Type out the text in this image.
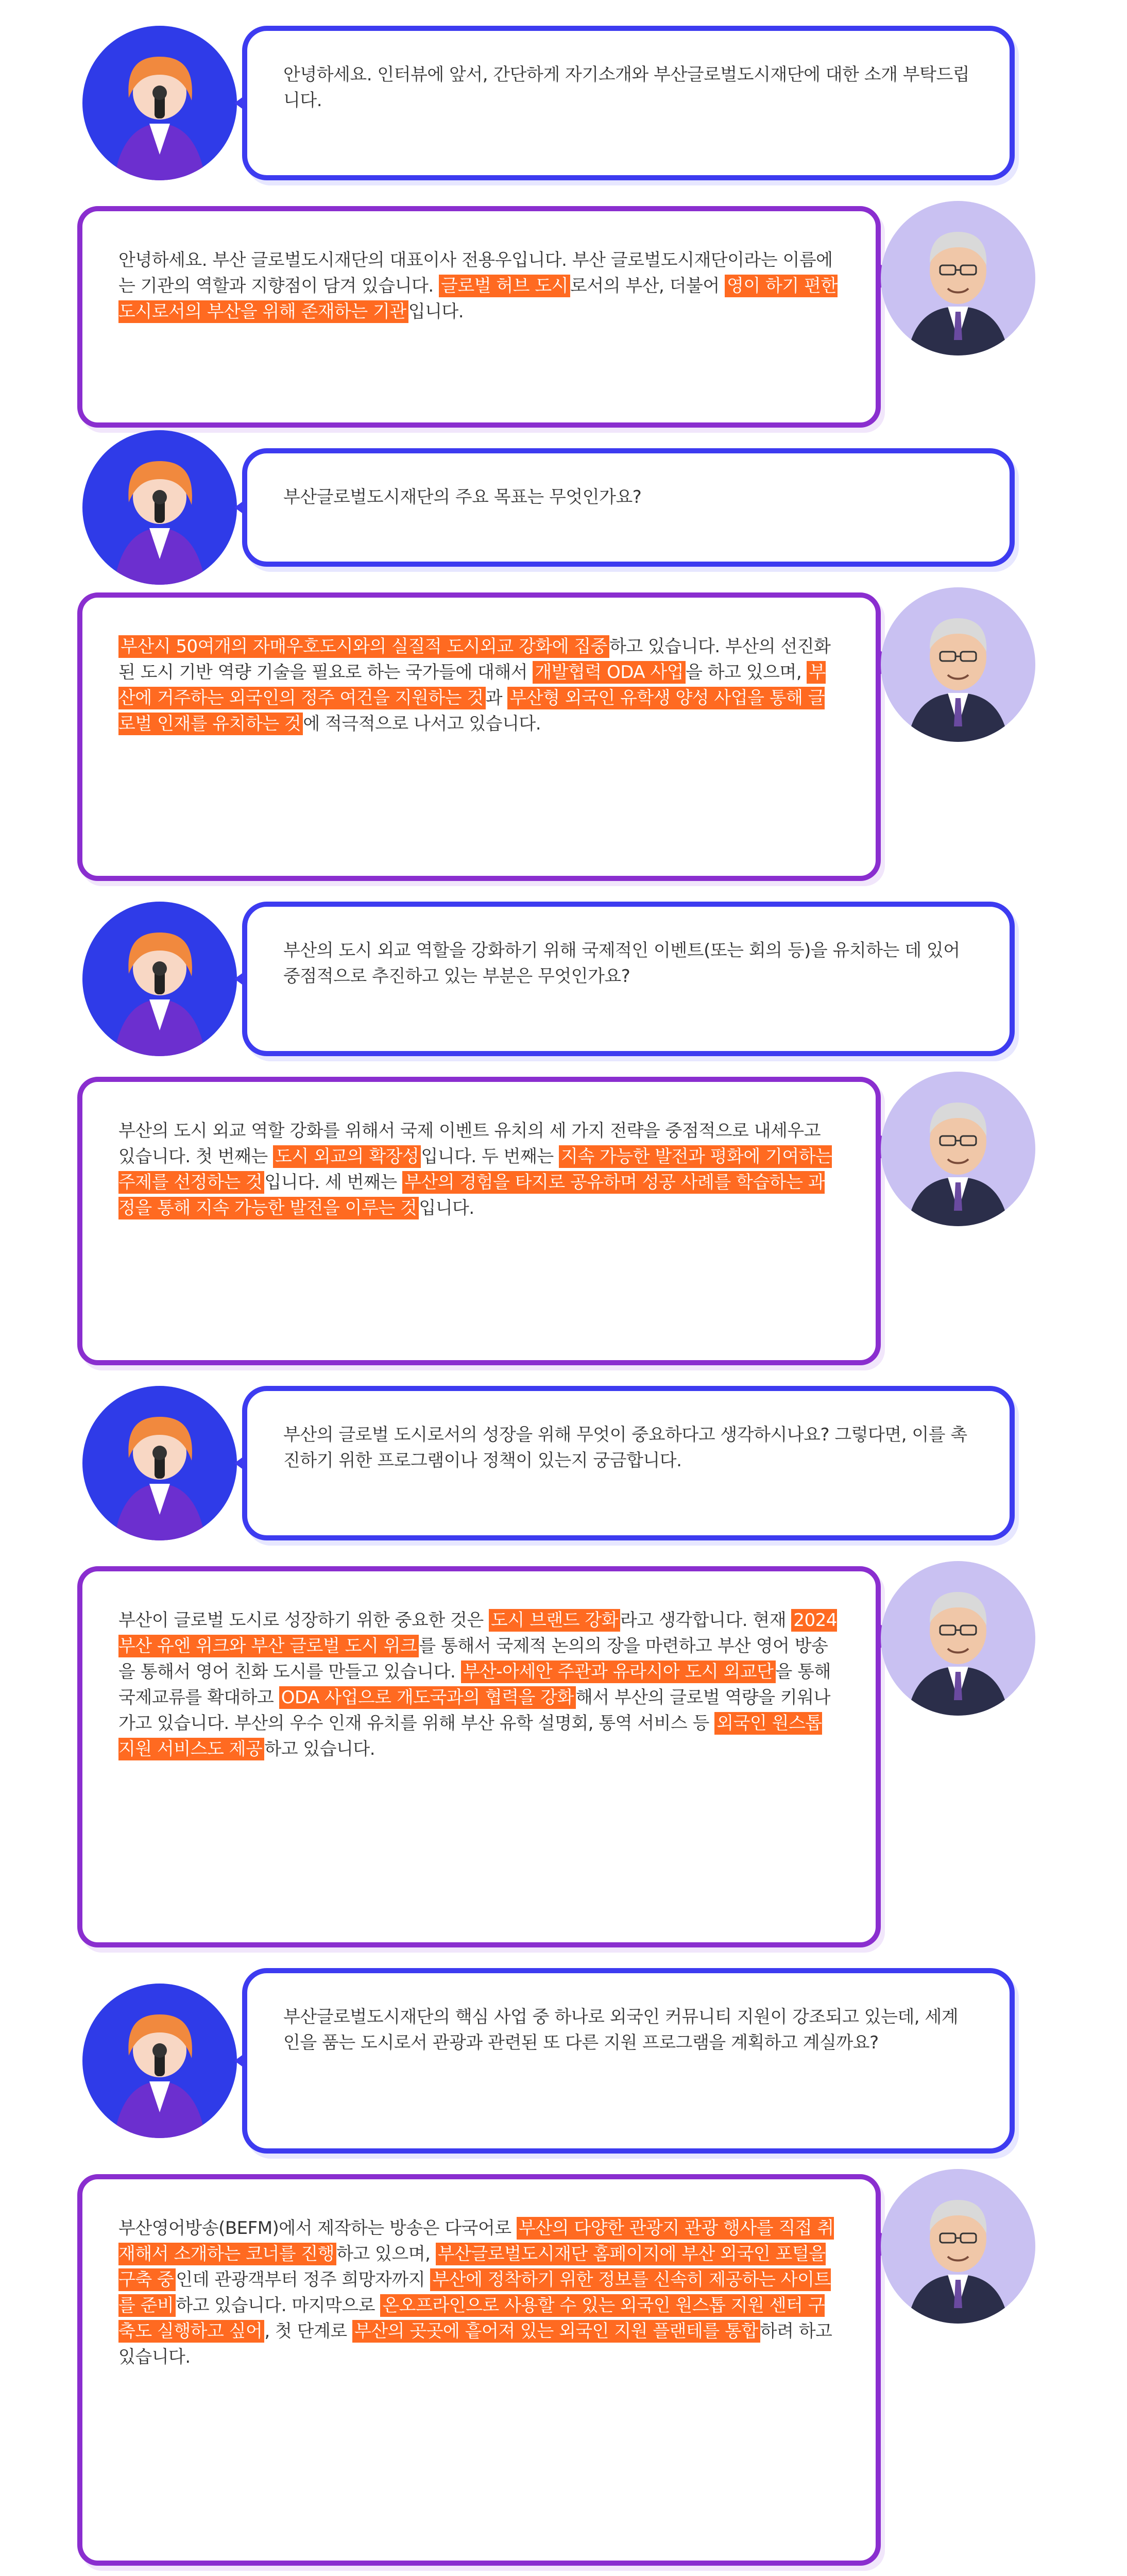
안녕하세요. 인터뷰에 앞서, 간단하게 자기소개와 부산글로벌도시재단에 대한 소개 부탁드립니다.
안녕하세요. 부산 글로벌도시재단의 대표이사 전용우입니다. 부산 글로벌도시재단이라는 이름에는 기관의 역할과 지향점이 담겨 있습니다. 글로벌 허브 도시 로서의 부산, 더불어 영이 하기 편한 도시로서의 부산을 위해 존재하는 기관 입니다.
부산글로벌도시재단의 주요 목표는 무엇인가요?
부산시 50여개의 자매우호도시와의 실질적 도시외교 강화에 집중 하고 있습니다. 부산의 선진화된 도시 기반 역량 기술을 필요로 하는 국가들에 대해서 개발협력 ODA 사업 을 하고 있으며, 부산에 거주하는 외국인의 정주 여건을 지원하는 것 과 부산형 외국인 유학생 양성 사업을 통해 글로벌 인재를 유치하는 것 에 적극적으로 나서고 있습니다.
부산의 도시 외교 역할을 강화하기 위해 국제적인 이벤트(또는 회의 등)을 유치하는 데 있어 중점적으로 추진하고 있는 부분은 무엇인가요?
부산의 도시 외교 역할 강화를 위해서 국제 이벤트 유치의 세 가지 전략을 중점적으로 내세우고 있습니다. 첫 번째는 도시 외교의 확장성 입니다. 두 번째는 지속 가능한 발전과 평화에 기여하는 주제를 선정하는 것 입니다. 세 번째는 부산의 경험을 타지로 공유하며 성공 사례를 학습하는 과정을 통해 지속 가능한 발전을 이루는 것 입니다.
부산의 글로벌 도시로서의 성장을 위해 무엇이 중요하다고 생각하시나요? 그렇다면, 이를 촉진하기 위한 프로그램이나 정책이 있는지 궁금합니다.
부산이 글로벌 도시로 성장하기 위한 중요한 것은 도시 브랜드 강화 라고 생각합니다. 현재 2024 부산 유엔 위크와 부산 글로벌 도시 위크 를 통해서 국제적 논의의 장을 마련하고 부산 영어 방송을 통해서 영어 친화 도시를 만들고 있습니다. 부산-아세안 주관과 유라시아 도시 외교단 을 통해 국제교류를 확대하고 ODA 사업으로 개도국과의 협력을 강화 해서 부산의 글로벌 역량을 키워나가고 있습니다. 부산의 우수 인재 유치를 위해 부산 유학 설명회, 통역 서비스 등 외국인 원스톱 지원 서비스도 제공 하고 있습니다.
부산글로벌도시재단의 핵심 사업 중 하나로 외국인 커뮤니티 지원이 강조되고 있는데, 세계인을 품는 도시로서 관광과 관련된 또 다른 지원 프로그램을 계획하고 계실까요?
부산영어방송(BEFM)에서 제작하는 방송은 다국어로 부산의 다양한 관광지 관광 행사를 직접 취재해서 소개하는 코너를 진행 하고 있으며, 부산글로벌도시재단 홈페이지에 부산 외국인 포털을 구축 중 인데 관광객부터 정주 희망자까지 부산에 정착하기 위한 정보를 신속히 제공하는 사이트를 준비 하고 있습니다. 마지막으로 온오프라인으로 사용할 수 있는 외국인 원스톱 지원 센터 구축도 실행하고 싶어 , 첫 단계로 부산의 곳곳에 흩어져 있는 외국인 지원 플랜테를 통합 하려 하고 있습니다.
